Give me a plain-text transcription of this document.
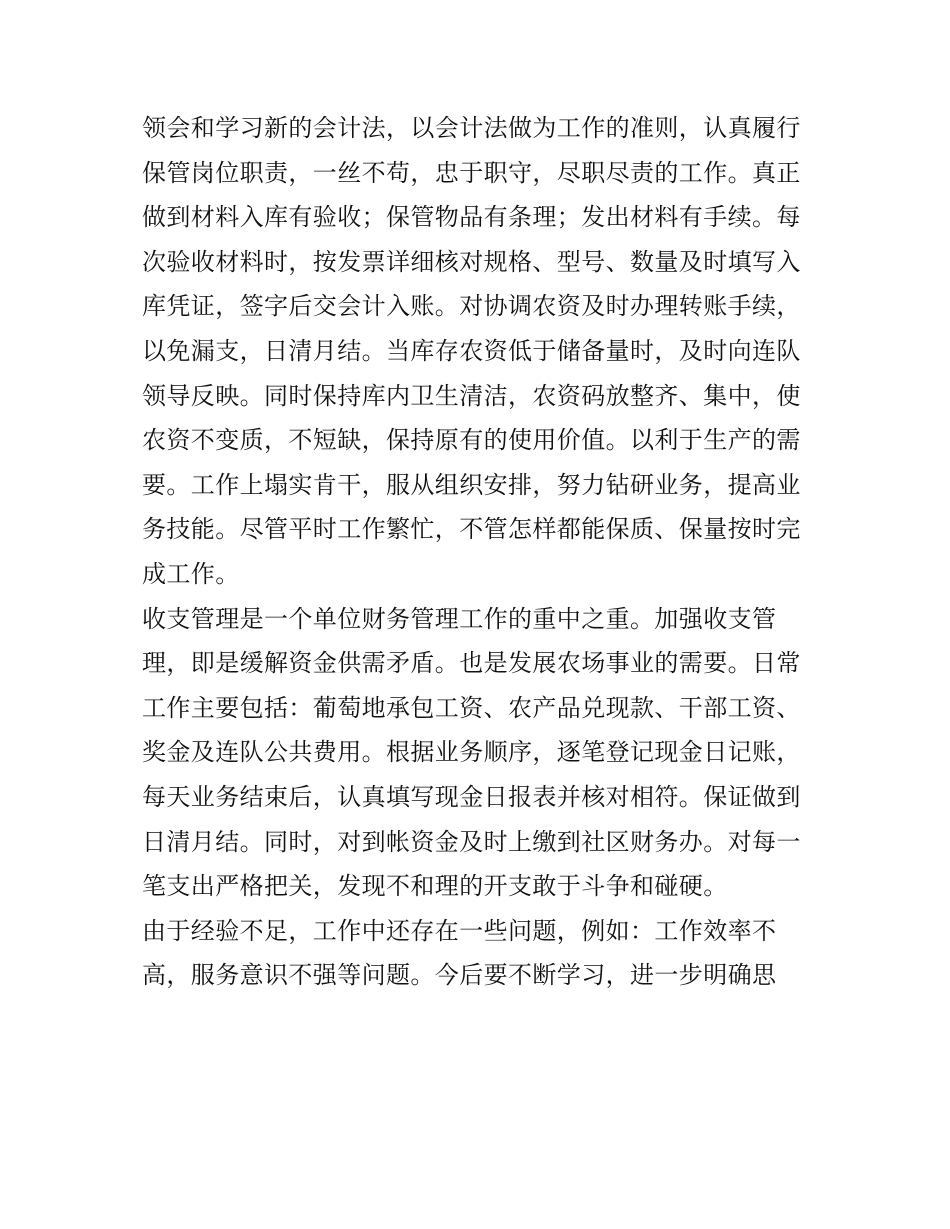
领会和学习新的会计法，以会计法做为工作的准则，认真履行
保管岗位职责，一丝不苟，忠于职守，尽职尽责的工作。真正
做到材料入库有验收；保管物品有条理；发出材料有手续。每
次验收材料时，按发票详细核对规格、型号、数量及时填写入
库凭证，签字后交会计入账。对协调农资及时办理转账手续，
以免漏支，日清月结。当库存农资低于储备量时，及时向连队
领导反映。同时保持库内卫生清洁，农资码放整齐、集中，使
农资不变质，不短缺，保持原有的使用价值。以利于生产的需
要。工作上塌实肯干，服从组织安排，努力钻研业务，提高业
务技能。尽管平时工作繁忙，不管怎样都能保质、保量按时完
成工作。

收支管理是一个单位财务管理工作的重中之重。加强收支管
理，即是缓解资金供需矛盾。也是发展农场事业的需要。日常
工作主要包括：葡萄地承包工资、农产品兑现款、干部工资、
奖金及连队公共费用。根据业务顺序，逐笔登记现金日记账，
每天业务结束后，认真填写现金日报表并核对相符。保证做到
日清月结。同时，对到帐资金及时上缴到社区财务办。对每一
笔支出严格把关，发现不和理的开支敢于斗争和碰硬。

由于经验不足，工作中还存在一些问题，例如：工作效率不
高，服务意识不强等问题。今后要不断学习，进一步明确思
